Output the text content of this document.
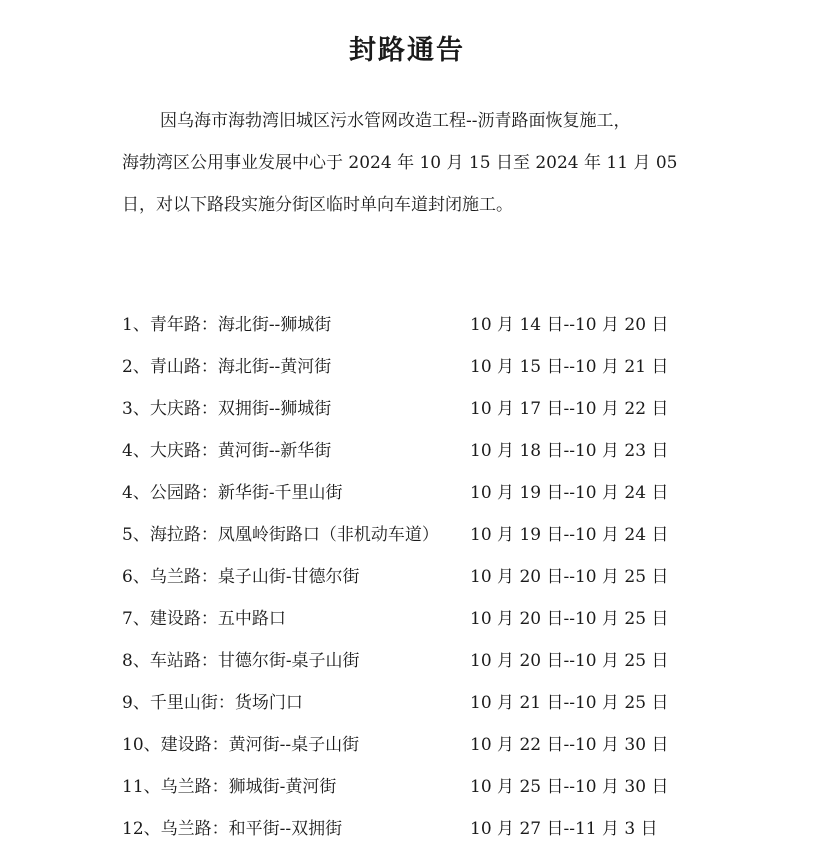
封路通告
因乌海市海勃湾旧城区污水管网改造工程--沥青路面恢复施工，
海勃湾区公用事业发展中心于 2024 年 10 月 15 日至 2024 年 11 月 05
日，对以下路段实施分街区临时单向车道封闭施工。
1、青年路：海北街--狮城街	10 月 14 日--10 月 20 日
2、青山路：海北街--黄河街	10 月 15 日--10 月 21 日
3、大庆路：双拥街--狮城街	10 月 17 日--10 月 22 日
4、大庆路：黄河街--新华街	10 月 18 日--10 月 23 日
4、公园路：新华街-千里山街	10 月 19 日--10 月 24 日
5、海拉路：凤凰岭街路口（非机动车道） 10 月 19 日--10 月 24 日
6、乌兰路：桌子山街-甘德尔街	10 月 20 日--10 月 25 日
7、建设路：五中路口	10 月 20 日--10 月 25 日
8、车站路：甘德尔街-桌子山街	10 月 20 日--10 月 25 日
9、千里山街：货场门口	10 月 21 日--10 月 25 日
10、建设路：黄河街--桌子山街	10 月 22 日--10 月 30 日
11、乌兰路：狮城街-黄河街	10 月 25 日--10 月 30 日
12、乌兰路：和平街--双拥街	10 月 27 日--11 月 3 日
